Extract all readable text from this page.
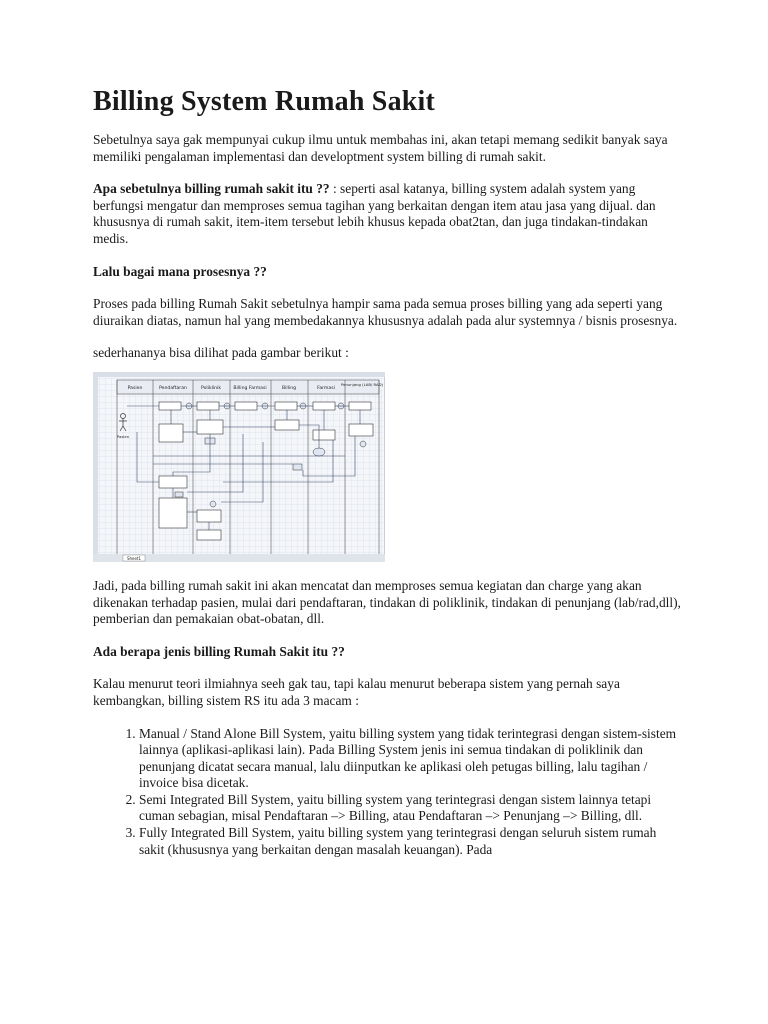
Billing System Rumah Sakit

Sebetulnya saya gak mempunyai cukup ilmu untuk membahas ini, akan tetapi memang sedikit banyak saya memiliki pengalaman implementasi dan developtment system billing di rumah sakit.

Apa sebetulnya billing rumah sakit itu ?? : seperti asal katanya, billing system adalah system yang berfungsi mengatur dan memproses semua tagihan yang berkaitan dengan item atau jasa yang dijual. dan khususnya di rumah sakit, item-item tersebut lebih khusus kepada obat2tan, dan juga tindakan-tindakan medis.

Lalu bagai mana prosesnya ??

Proses pada billing Rumah Sakit sebetulnya hampir sama pada semua proses billing yang ada seperti yang diuraikan diatas, namun hal yang membedakannya khususnya adalah pada alur systemnya / bisnis prosesnya.

sederhananya bisa dilihat pada gambar berikut :

Pasien	Pendaftaran	Poliklinik	Billing Farmasi	Billing	Farmasi
Penunjang (LAB/ RAD)
Pasien
Sheet1

Jadi, pada billing rumah sakit ini akan mencatat dan memproses semua kegiatan dan charge yang akan dikenakan terhadap pasien, mulai dari pendaftaran, tindakan di poliklinik, tindakan di penunjang (lab/rad,dll), pemberian dan pemakaian obat-obatan, dll.

Ada berapa jenis billing Rumah Sakit itu ??

Kalau menurut teori ilmiahnya seeh gak tau, tapi kalau menurut beberapa sistem yang pernah saya kembangkan, billing sistem RS itu ada 3 macam :

1. Manual / Stand Alone Bill System, yaitu billing system yang tidak terintegrasi dengan sistem-sistem lainnya (aplikasi-aplikasi lain). Pada Billing System jenis ini semua tindakan di poliklinik dan penunjang dicatat secara manual, lalu diinputkan ke aplikasi oleh petugas billing, lalu tagihan / invoice bisa dicetak.
2. Semi Integrated Bill System, yaitu billing system yang terintegrasi dengan sistem lainnya tetapi cuman sebagian, misal Pendaftaran –> Billing, atau Pendaftaran –> Penunjang –> Billing, dll.
3. Fully Integrated Bill System, yaitu billing system yang terintegrasi dengan seluruh sistem rumah sakit (khususnya yang berkaitan dengan masalah keuangan). Pada
